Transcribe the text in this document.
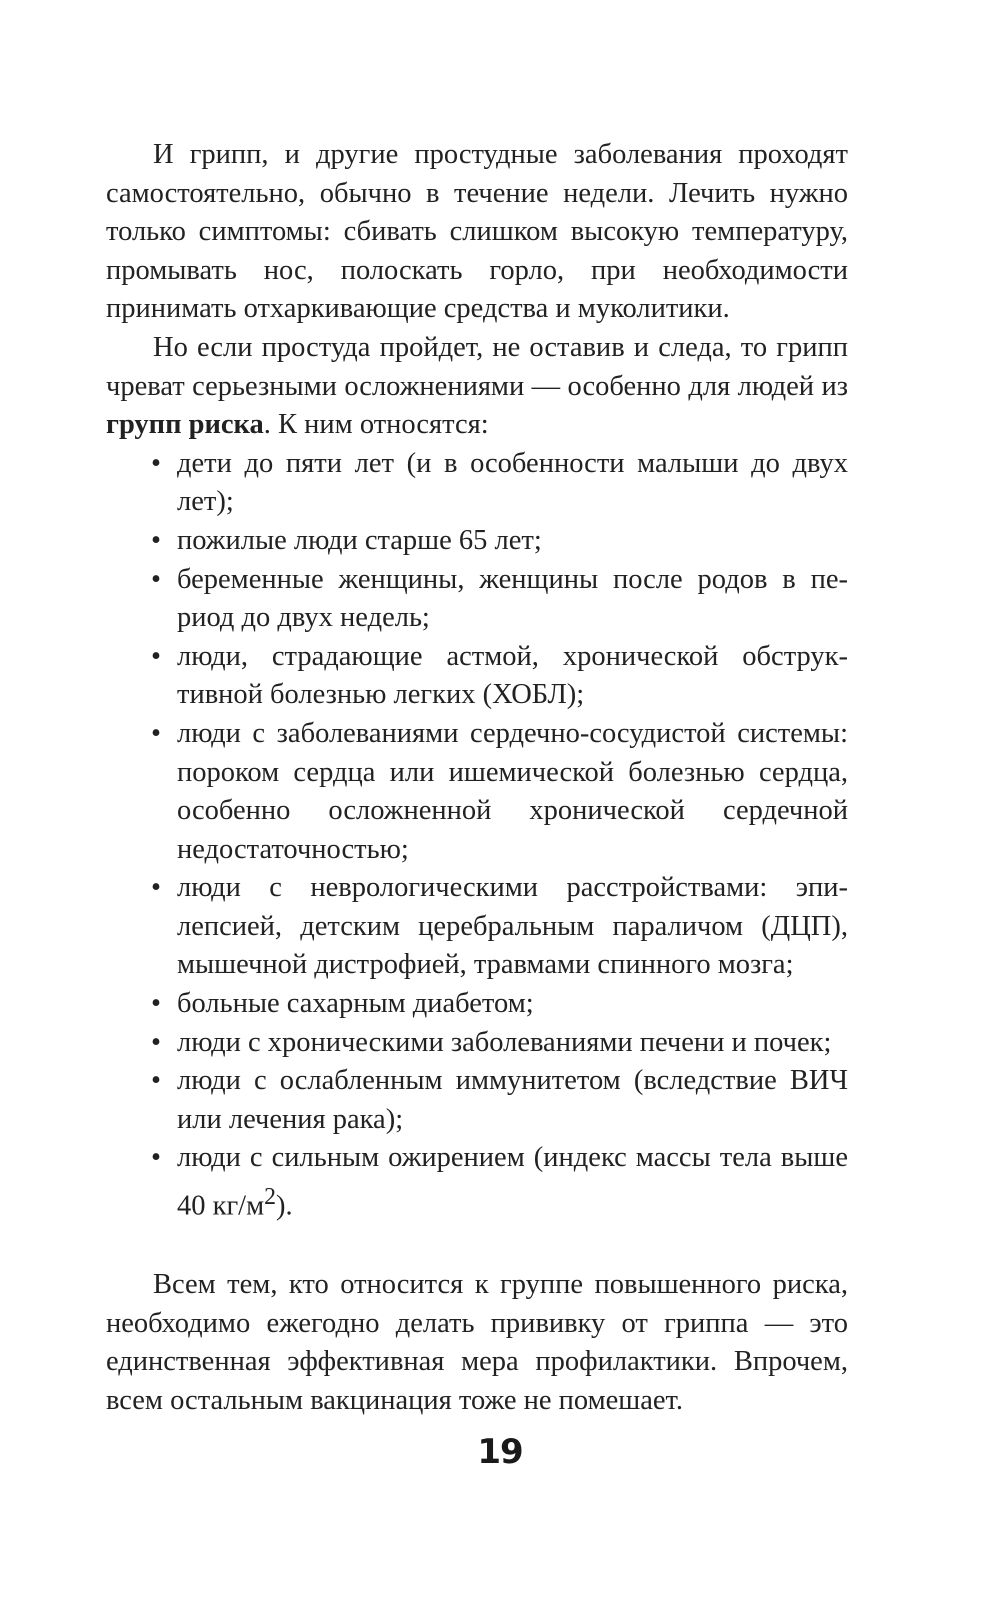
И грипп, и другие простудные заболевания проходят самостоятельно, обычно в течение недели. Лечить нужно только симптомы: сбивать слишком высокую температуру, промывать нос, полоскать горло, при необходимости принимать отхаркивающие средства и муколитики.

Но если простуда пройдет, не оставив и следа, то грипп чреват серьезными осложнениями — особенно для людей из групп риска. К ним относятся:

• дети до пяти лет (и в особенности малыши до двух лет);
• пожилые люди старше 65 лет;
• беременные женщины, женщины после родов в период до двух недель;
• люди, страдающие астмой, хронической обструктивной болезнью легких (ХОБЛ);
• люди с заболеваниями сердечно-сосудистой системы: пороком сердца или ишемической болезнью сердца, особенно осложненной хронической сердечной недостаточностью;
• люди с неврологическими расстройствами: эпилепсией, детским церебральным параличом (ДЦП), мышечной дистрофией, травмами спинного мозга;
• больные сахарным диабетом;
• люди с хроническими заболеваниями печени и почек;
• люди с ослабленным иммунитетом (вследствие ВИЧ или лечения рака);
• люди с сильным ожирением (индекс массы тела выше 40 $кг/м^2$).

Всем тем, кто относится к группе повышенного риска, необходимо ежегодно делать прививку от гриппа — это единственная эффективная мера профилактики. Впрочем, всем остальным вакцинация тоже не помешает.

19
